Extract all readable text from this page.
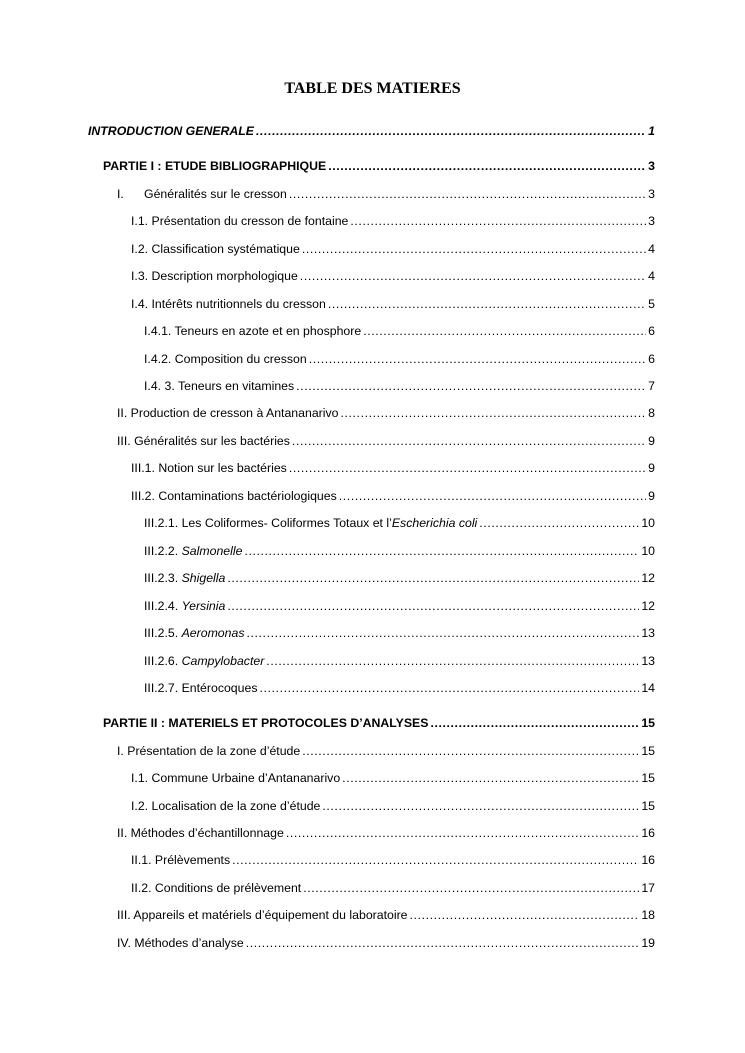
TABLE DES MATIERES
INTRODUCTION GENERALE .....	1
PARTIE I : ETUDE BIBLIOGRAPHIQUE .....	3
I. Généralités sur le cresson .....	3
I.1. Présentation du cresson de fontaine .....	3
I.2. Classification systématique .....	4
I.3. Description morphologique .....	4
I.4. Intérêts nutritionnels du cresson .....	5
I.4.1. Teneurs en azote et en phosphore .....	6
I.4.2. Composition du cresson .....	6
I.4. 3. Teneurs en vitamines .....	7
II. Production de cresson à Antananarivo .....	8
III. Généralités sur les bactéries .....	9
III.1. Notion sur les bactéries .....	9
III.2. Contaminations bactériologiques .....	9
III.2.1. Les Coliformes- Coliformes Totaux et l’Escherichia coli .....	10
III.2.2. Salmonelle .....	10
III.2.3. Shigella .....	12
III.2.4. Yersinia .....	12
III.2.5. Aeromonas .....	13
III.2.6. Campylobacter .....	13
III.2.7. Entérocoques .....	14
PARTIE II : MATERIELS ET PROTOCOLES D’ANALYSES .....	15
I. Présentation de la zone d’étude .....	15
I.1. Commune Urbaine d’Antananarivo .....	15
I.2. Localisation de la zone d’étude .....	15
II. Méthodes d’échantillonnage .....	16
II.1. Prélèvements .....	16
II.2. Conditions de prélèvement .....	17
III. Appareils et matériels d’équipement du laboratoire .....	18
IV. Méthodes d’analyse .....	19
